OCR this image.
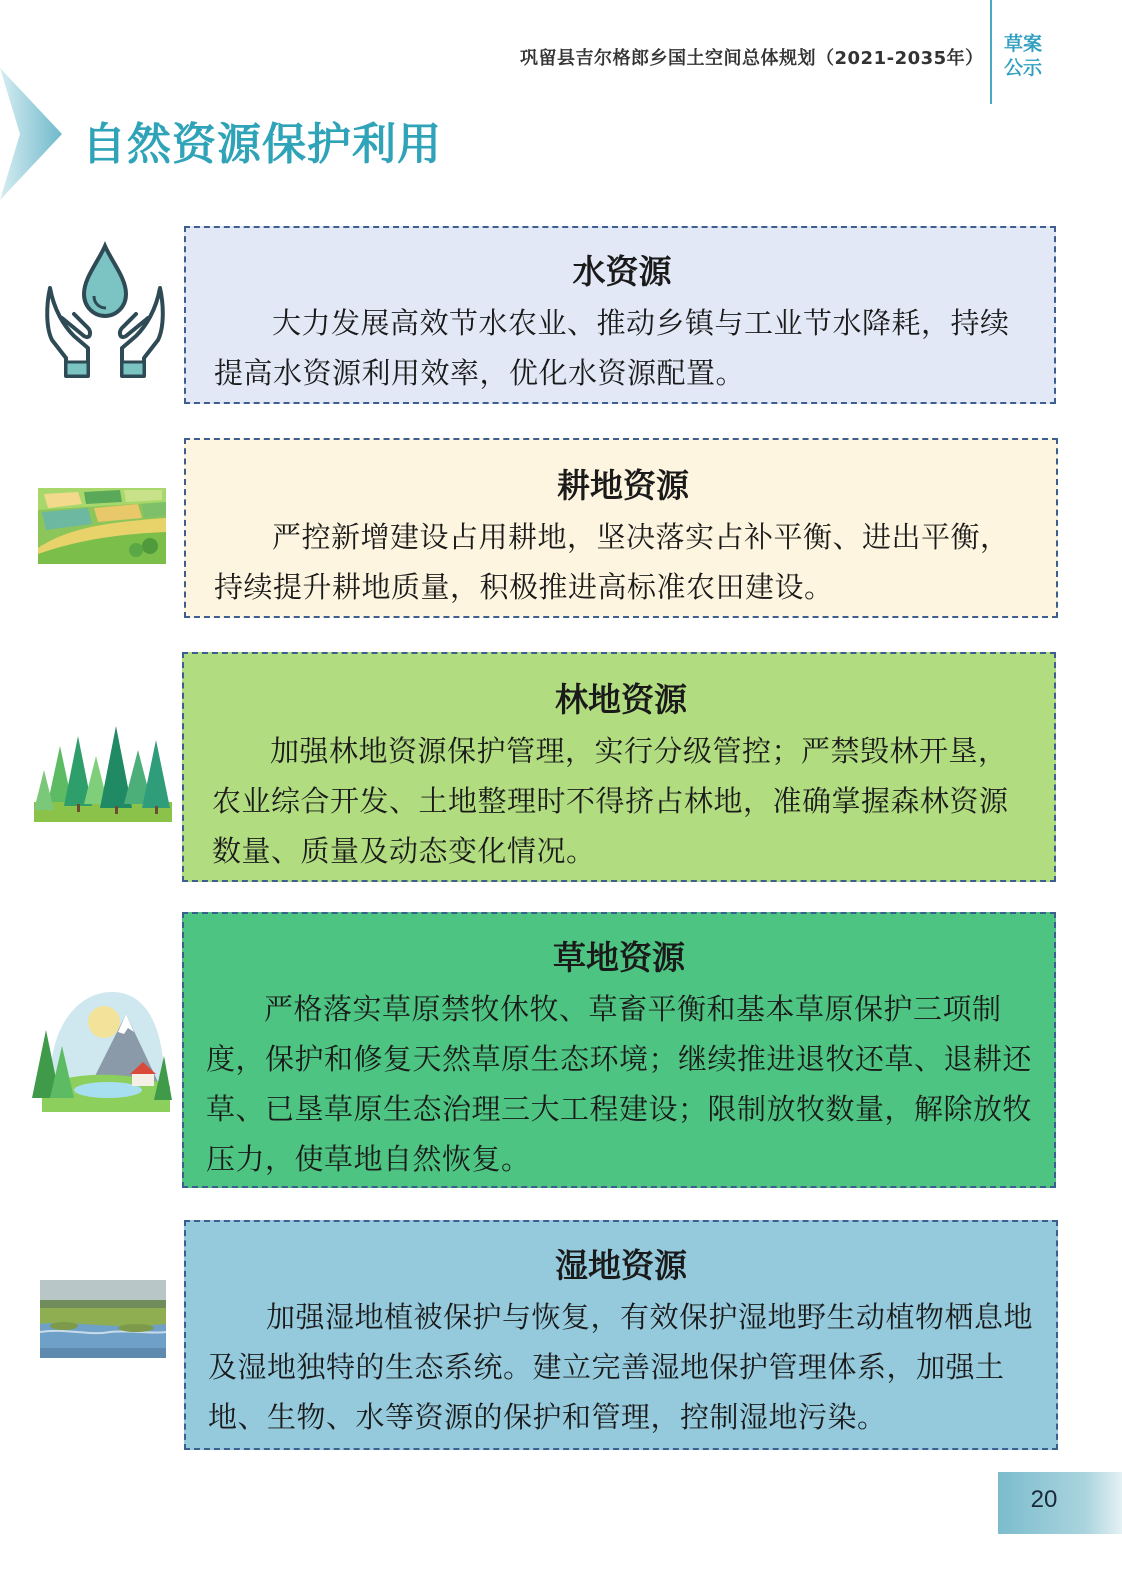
巩留县吉尔格郎乡国土空间总体规划（2021-2035年）
草案
公示
自然资源保护利用
水资源

大力发展高效节水农业、推动乡镇与工业节水降耗，持续提高水资源利用效率，优化水资源配置。

耕地资源

严控新增建设占用耕地，坚决落实占补平衡、进出平衡，持续提升耕地质量，积极推进高标准农田建设。

林地资源

加强林地资源保护管理，实行分级管控；严禁毁林开垦，农业综合开发、土地整理时不得挤占林地，准确掌握森林资源数量、质量及动态变化情况。

草地资源

严格落实草原禁牧休牧、草畜平衡和基本草原保护三项制度，保护和修复天然草原生态环境；继续推进退牧还草、退耕还草、已垦草原生态治理三大工程建设；限制放牧数量，解除放牧压力，使草地自然恢复。

湿地资源

加强湿地植被保护与恢复，有效保护湿地野生动植物栖息地及湿地独特的生态系统。建立完善湿地保护管理体系，加强土地、生物、水等资源的保护和管理，控制湿地污染。

20
